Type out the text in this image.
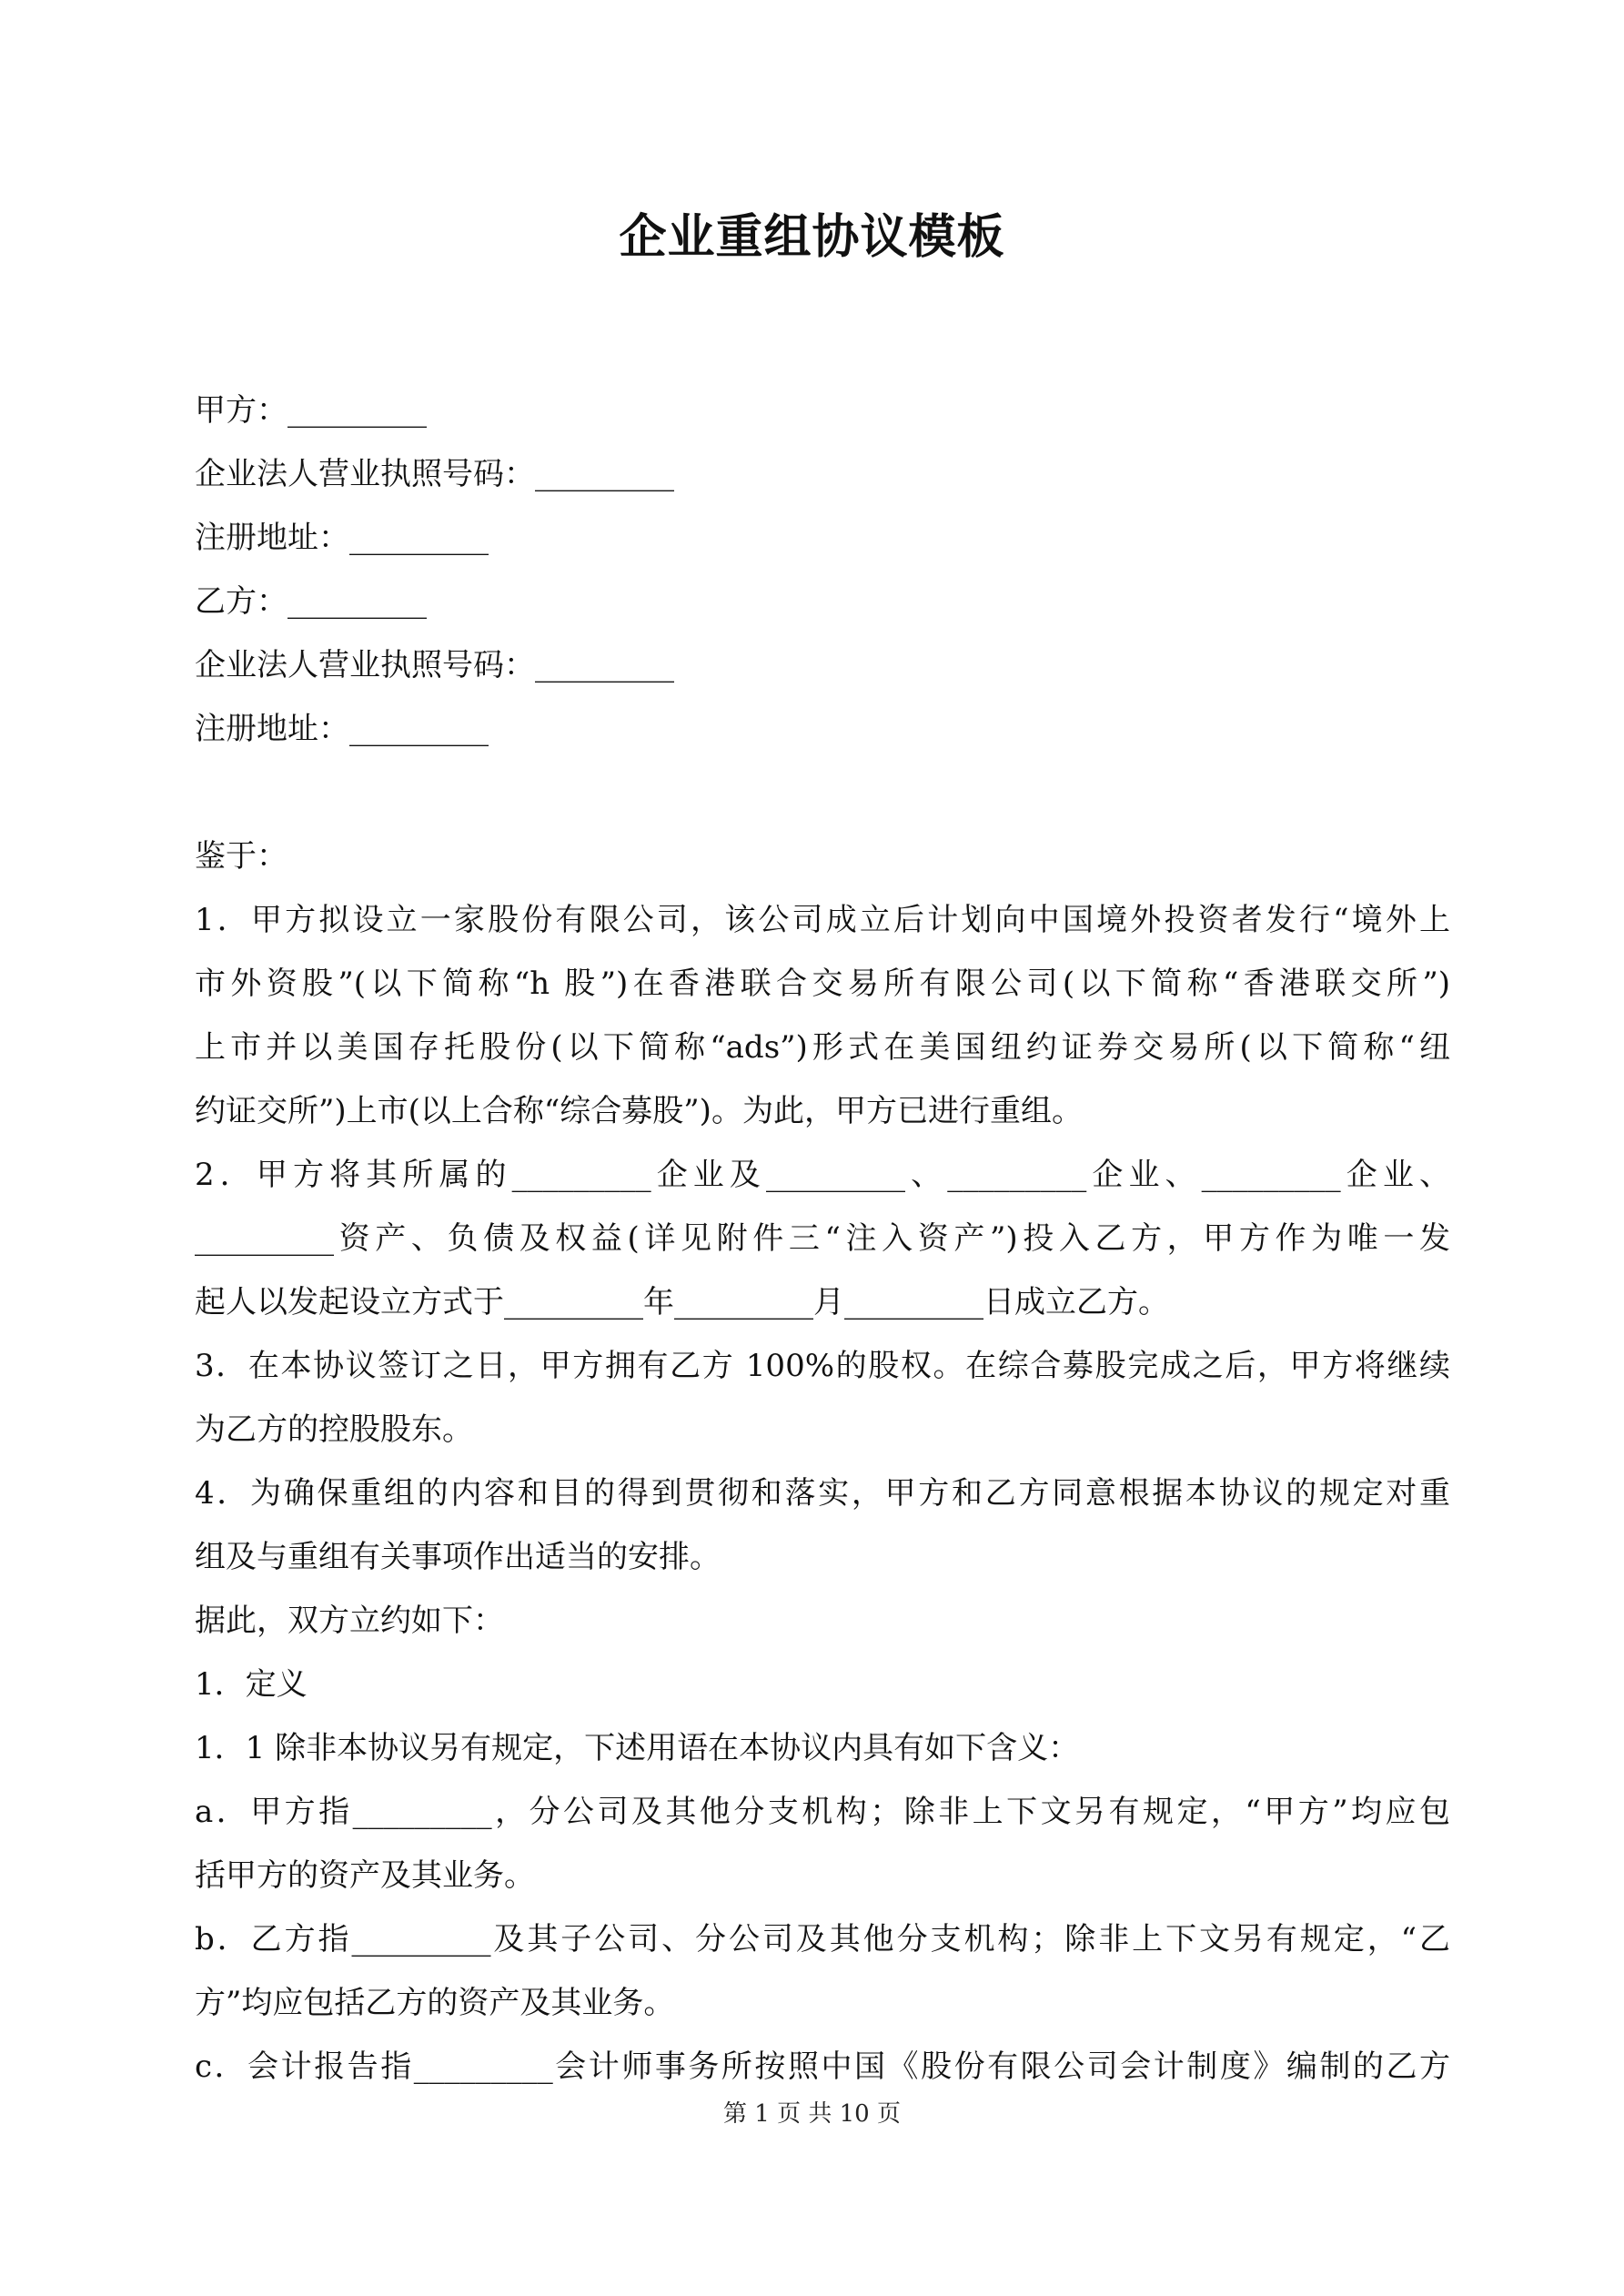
企业重组协议模板
甲方：_________
企业法人营业执照号码：_________
注册地址：_________
乙方：_________
企业法人营业执照号码：_________
注册地址：_________
鉴于：
1．甲方拟设立一家股份有限公司，该公司成立后计划向中国境外投资者发行“境外上
市外资股”(以下简称“h 股”)在香港联合交易所有限公司(以下简称“香港联交所”)
上市并以美国存托股份(以下简称“ads”)形式在美国纽约证券交易所(以下简称“纽
约证交所”)上市(以上合称“综合募股”)。为此，甲方已进行重组。
2．甲方将其所属的_________企业及_________、_________企业、_________企业、
_________资产、负债及权益(详见附件三“注入资产”)投入乙方，甲方作为唯一发
起人以发起设立方式于_________年_________月_________日成立乙方。
3．在本协议签订之日，甲方拥有乙方 100%的股权。在综合募股完成之后，甲方将继续
为乙方的控股股东。
4．为确保重组的内容和目的得到贯彻和落实，甲方和乙方同意根据本协议的规定对重
组及与重组有关事项作出适当的安排。
据此，双方立约如下：
1．定义
1．1 除非本协议另有规定，下述用语在本协议内具有如下含义：
a．甲方指_________，分公司及其他分支机构；除非上下文另有规定，“甲方”均应包
括甲方的资产及其业务。
b．乙方指_________及其子公司、分公司及其他分支机构；除非上下文另有规定，“乙
方”均应包括乙方的资产及其业务。
c．会计报告指_________会计师事务所按照中国《股份有限公司会计制度》编制的乙方
第 1 页 共 10 页
